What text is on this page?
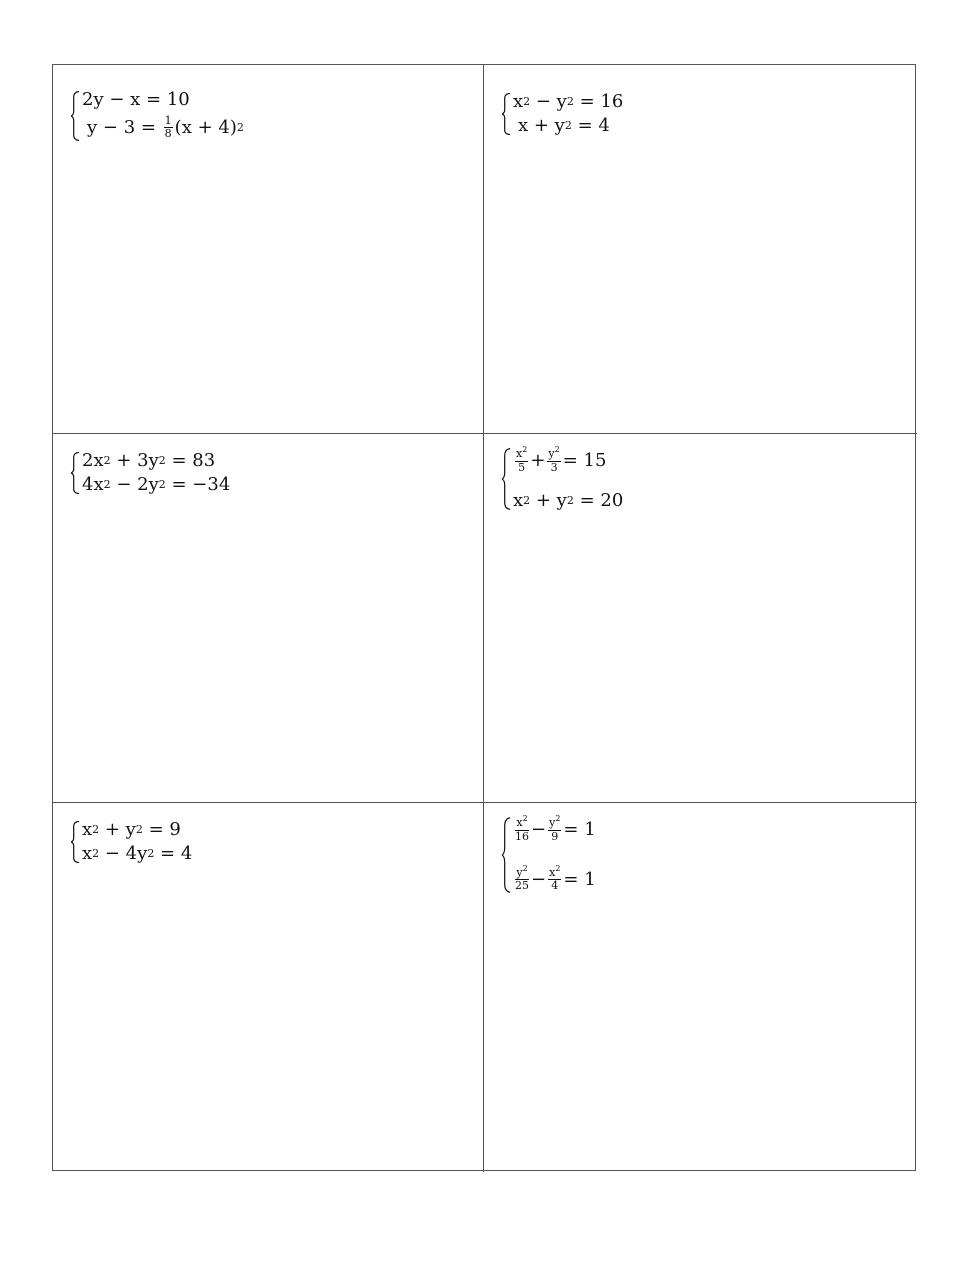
2y − x = 10
$y - 3 = \frac{1}{8} (x + 4)$ 2
x 2 − y 2 = 16
x + y 2 = 4
2x 2 + 3y 2 = 83
4x 2 − 2y 2 = −34
$\frac{x^2}{5} + \frac{y^2}{3} = 15$
x 2 + y 2 = 20
x 2 + y 2 = 9
x 2 − 4y 2 = 4
$\frac{x^2}{16} - \frac{y^2}{9} = 1$
$\frac{y^2}{25} - \frac{x^2}{4} = 1$
